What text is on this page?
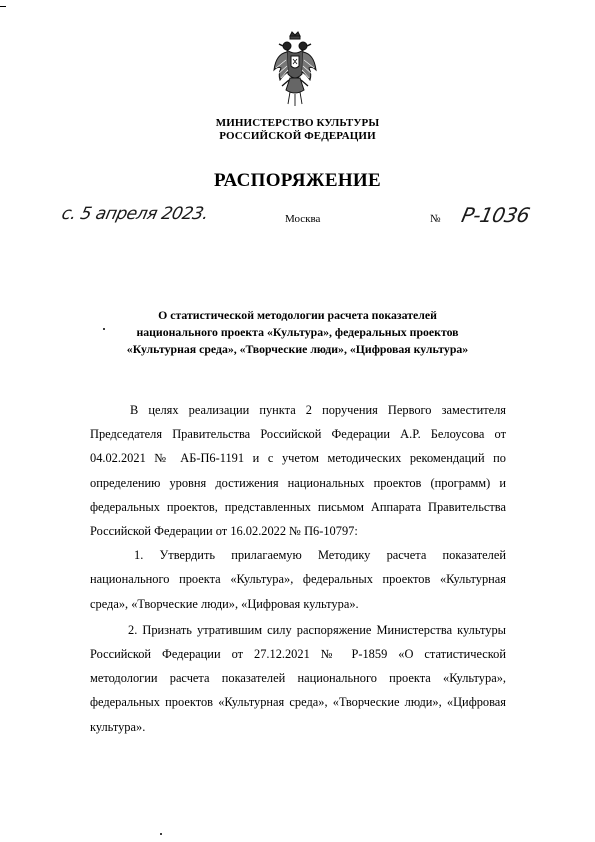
МИНИСТЕРСТВО КУЛЬТУРЫ
РОССИЙСКОЙ ФЕДЕРАЦИИ
РАСПОРЯЖЕНИЕ
с. 5 апреля 2023.	Москва	№ Р-1036
О статистической методологии расчета показателей
национального проекта «Культура», федеральных проектов
«Культурная среда», «Творческие люди», «Цифровая культура»

В целях реализации пункта 2 поручения Первого заместителя Председателя Правительства Российской Федерации А.Р. Белоусова от 04.02.2021 № АБ-П6-1191 и с учетом методических рекомендаций по определению уровня достижения национальных проектов (программ) и федеральных проектов, представленных письмом Аппарата Правительства Российской Федерации от 16.02.2022 № П6-10797:

1. Утвердить прилагаемую Методику расчета показателей национального проекта «Культура», федеральных проектов «Культурная среда», «Творческие люди», «Цифровая культура».

2. Признать утратившим силу распоряжение Министерства культуры Российской Федерации от 27.12.2021 № Р-1859 «О статистической методологии расчета показателей национального проекта «Культура», федеральных проектов «Культурная среда», «Творческие люди», «Цифровая культура».
